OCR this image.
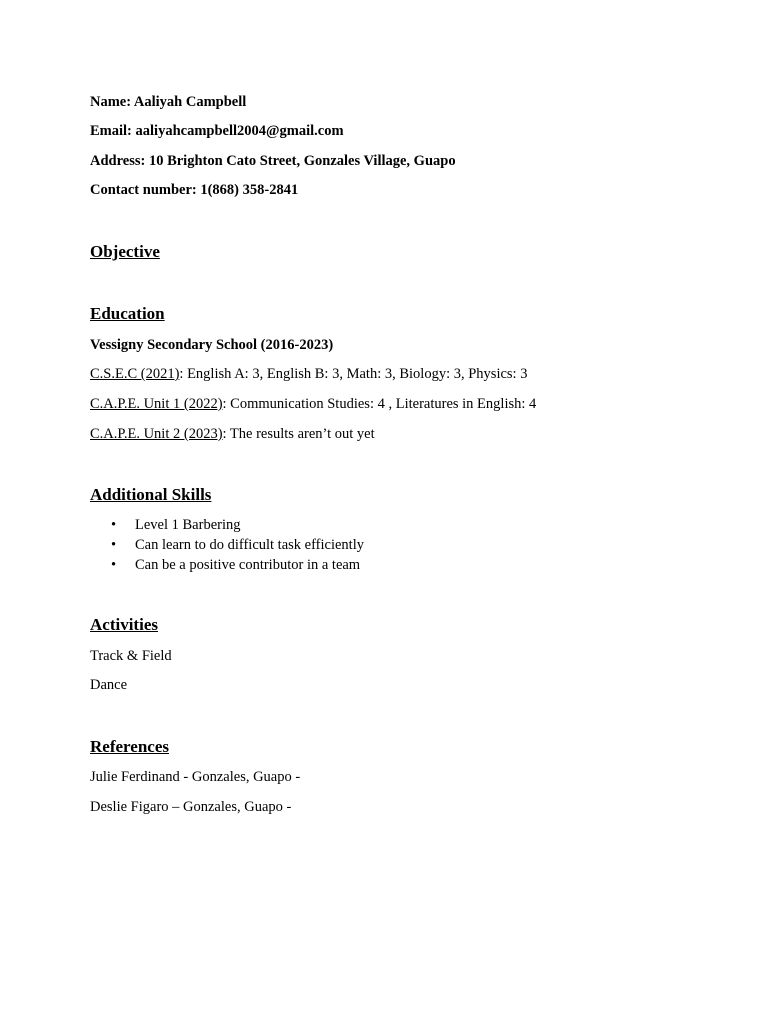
Name: Aaliyah Campbell
Email: aaliyahcampbell2004@gmail.com
Address: 10 Brighton Cato Street, Gonzales Village, Guapo
Contact number: 1(868) 358-2841
Objective
Education
Vessigny Secondary School (2016-2023)
C.S.E.C (2021): English A: 3, English B: 3, Math: 3, Biology: 3, Physics: 3
C.A.P.E. Unit 1 (2022): Communication Studies: 4 , Literatures in English: 4
C.A.P.E. Unit 2 (2023): The results aren’t out yet
Additional Skills
• Level 1 Barbering
• Can learn to do difficult task efficiently
• Can be a positive contributor in a team
Activities
Track & Field
Dance
References
Julie Ferdinand - Gonzales, Guapo -
Deslie Figaro – Gonzales, Guapo -
